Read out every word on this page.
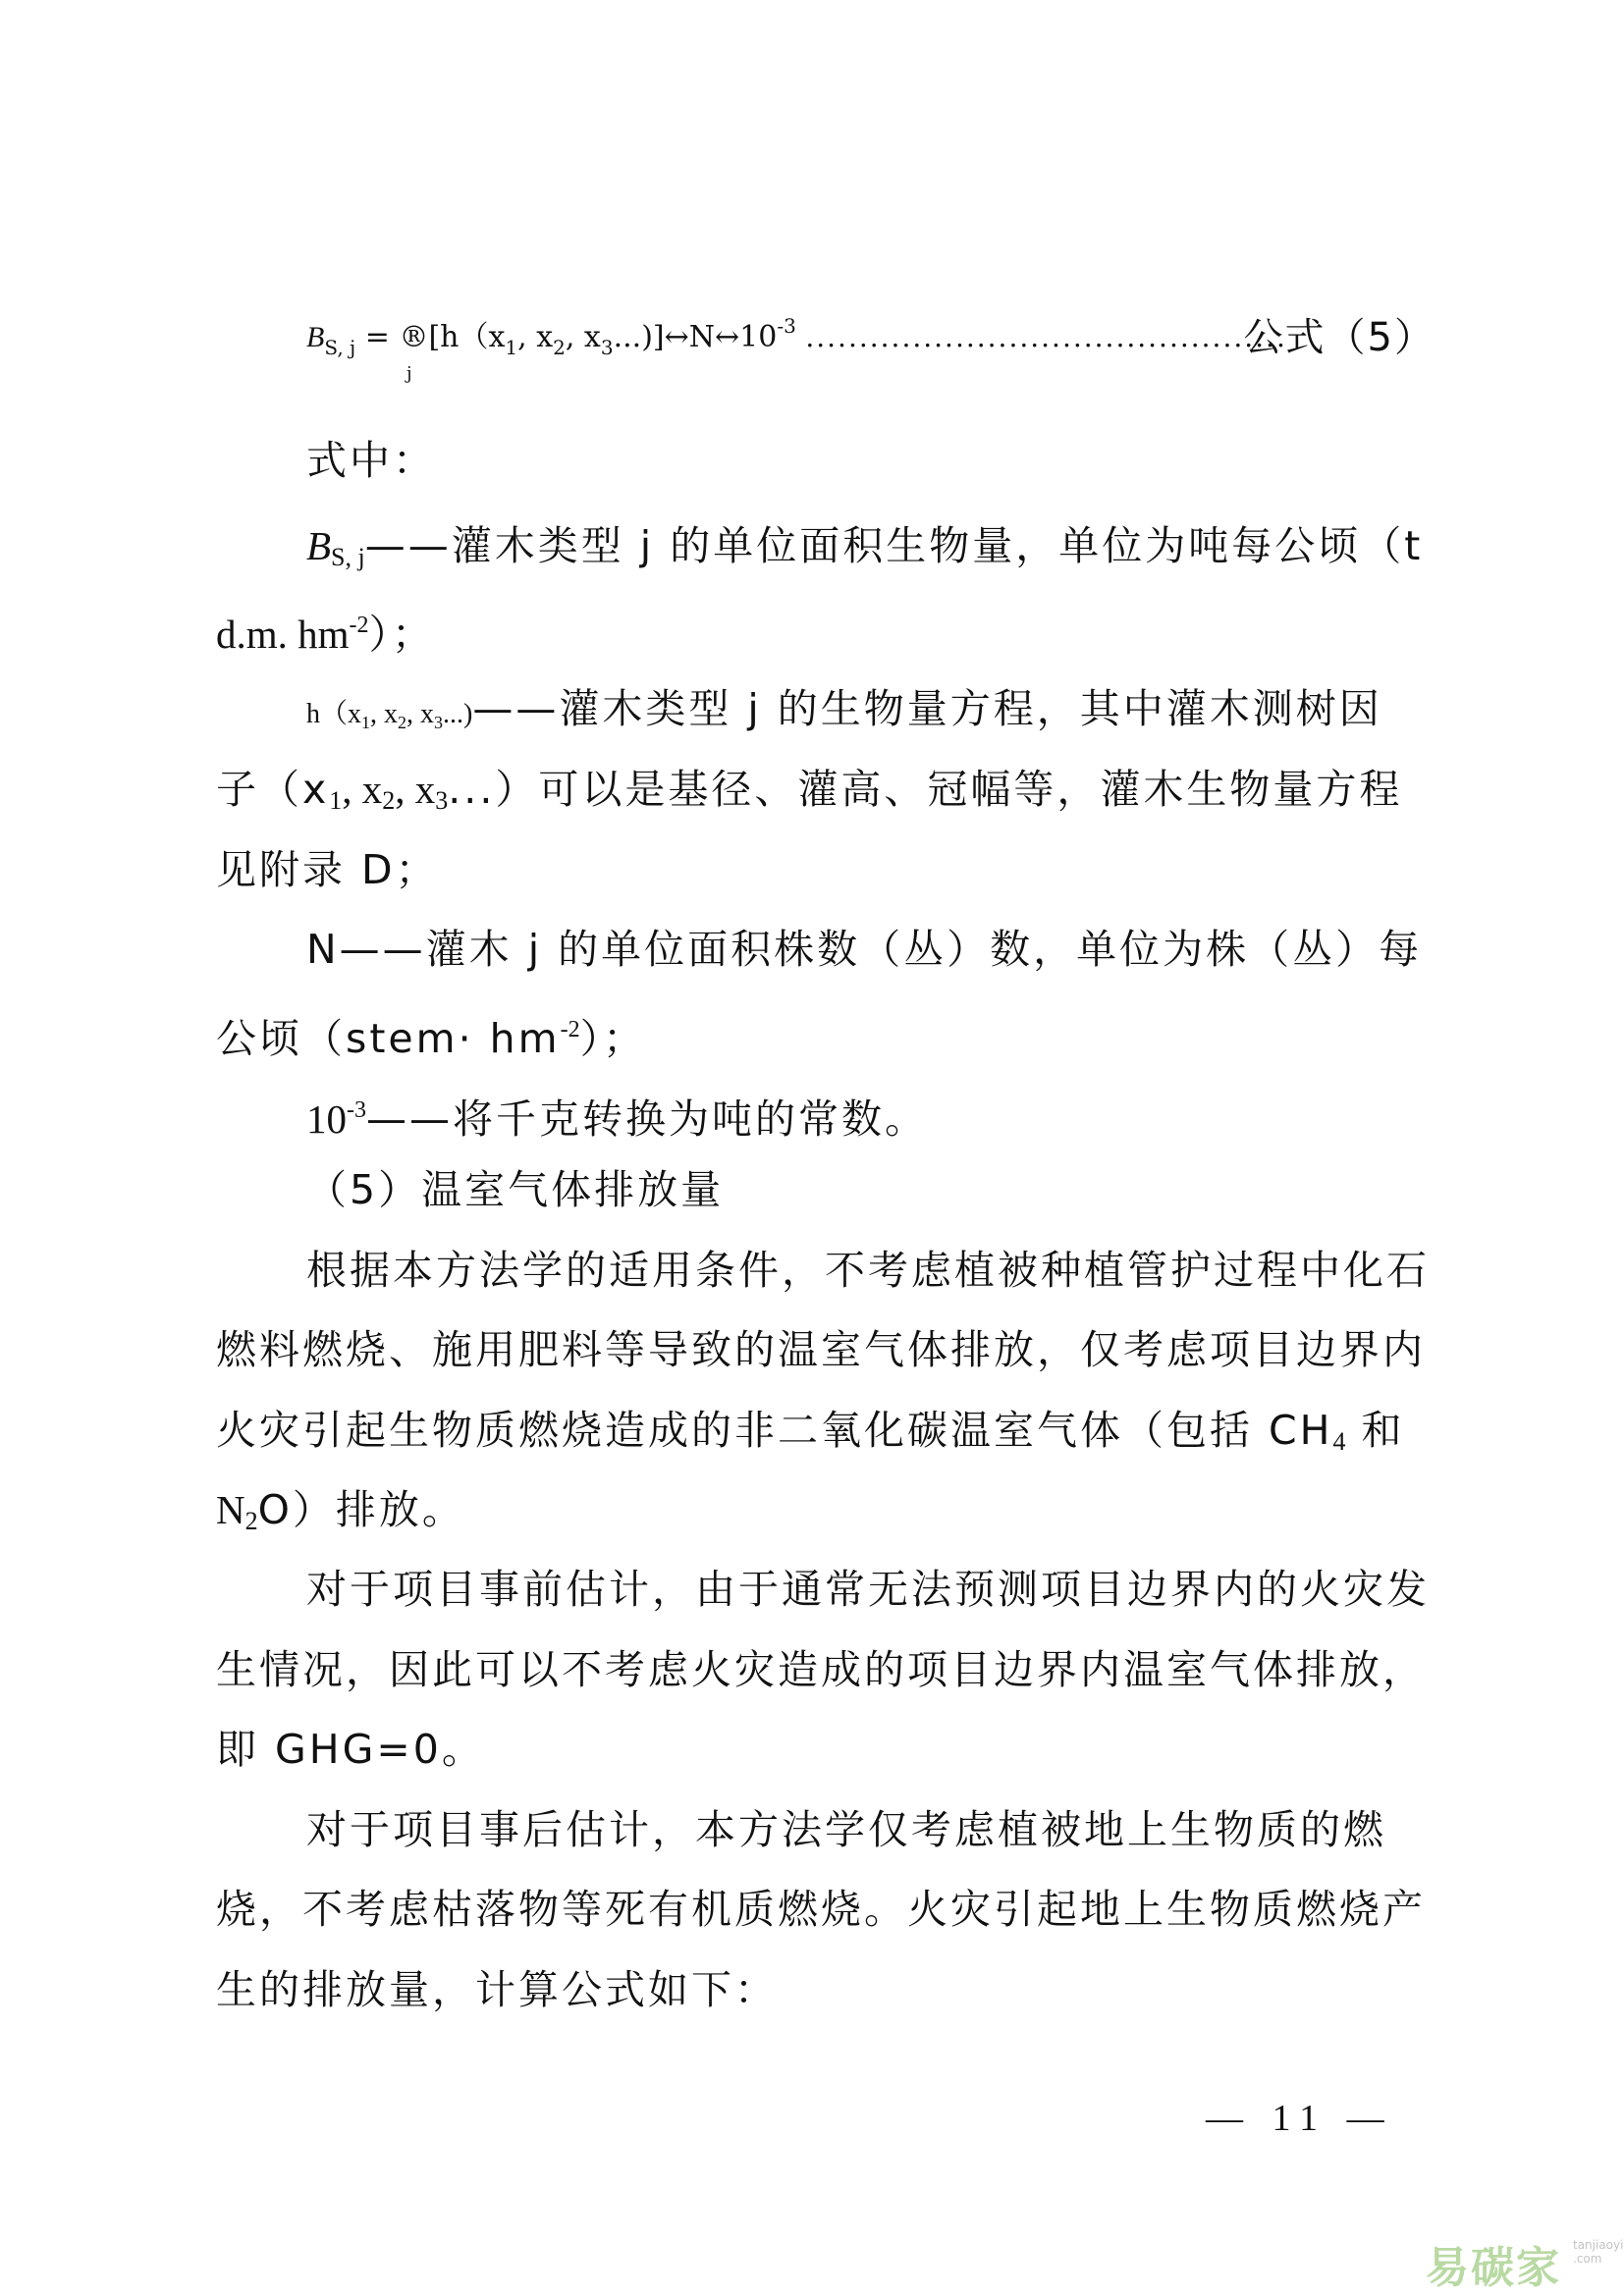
$B_{S, j}$ = $®[h(x_1$, $x_2$, $x_3...)]\leftrightarrow N\leftrightarrow 10^{-3}$ .............................................
j
公式（5）
式中：
$B_{S, j}——$灌木类型 j 的单位面积生物量，单位为吨每公顷（t
d.m. $hm^{-2}$）；
$h(x_1$, $x_2$, $x_3...)——$灌木类型 j 的生物量方程，其中灌木测树因
子（$x_1$, $x_2$, $x_3$...）可以是基径、灌高、冠幅等，灌木生物量方程
见附录 D；
N——灌木 j 的单位面积株数（丛）数，单位为株（丛）每
公顷（stem· $hm^{-2}$）；
$10^{-3}——$将千克转换为吨的常数。
（5）温室气体排放量
根据本方法学的适用条件，不考虑植被种植管护过程中化石
燃料燃烧、施用肥料等导致的温室气体排放，仅考虑项目边界内
火灾引起生物质燃烧造成的非二氧化碳温室气体（包括 $CH_4$ 和
$N_2O$）排放。
对于项目事前估计，由于通常无法预测项目边界内的火灾发
生情况，因此可以不考虑火灾造成的项目边界内温室气体排放，
即 GHG=0。
对于项目事后估计，本方法学仅考虑植被地上生物质的燃
烧，不考虑枯落物等死有机质燃烧。火灾引起地上生物质燃烧产
生的排放量，计算公式如下：
— 11 —
易碳家 tanjiaoyi .com
